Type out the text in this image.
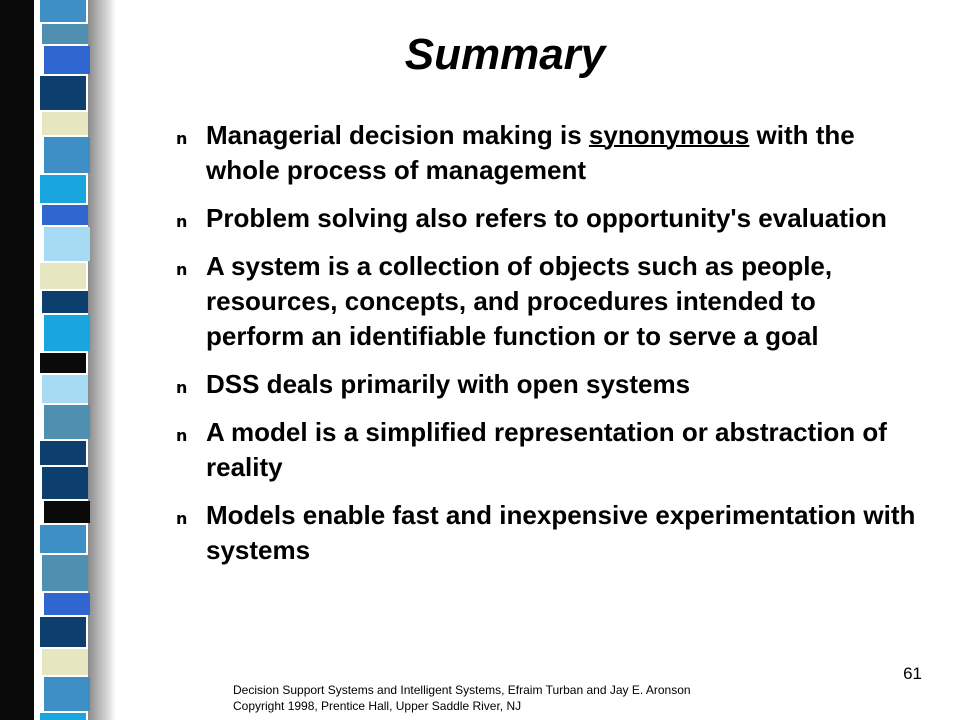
Summary
n Managerial decision making is synonymous with the whole process of management
n Problem solving also refers to opportunity's evaluation
n A system is a collection of objects such as people, resources, concepts, and procedures intended to perform an identifiable function or to serve a goal
n DSS deals primarily with open systems
n A model is a simplified representation or abstraction of reality
n Models enable fast and inexpensive experimentation with systems
61
Decision Support Systems and Intelligent Systems, Efraim Turban and Jay E. Aronson
Copyright 1998, Prentice Hall, Upper Saddle River, NJ
